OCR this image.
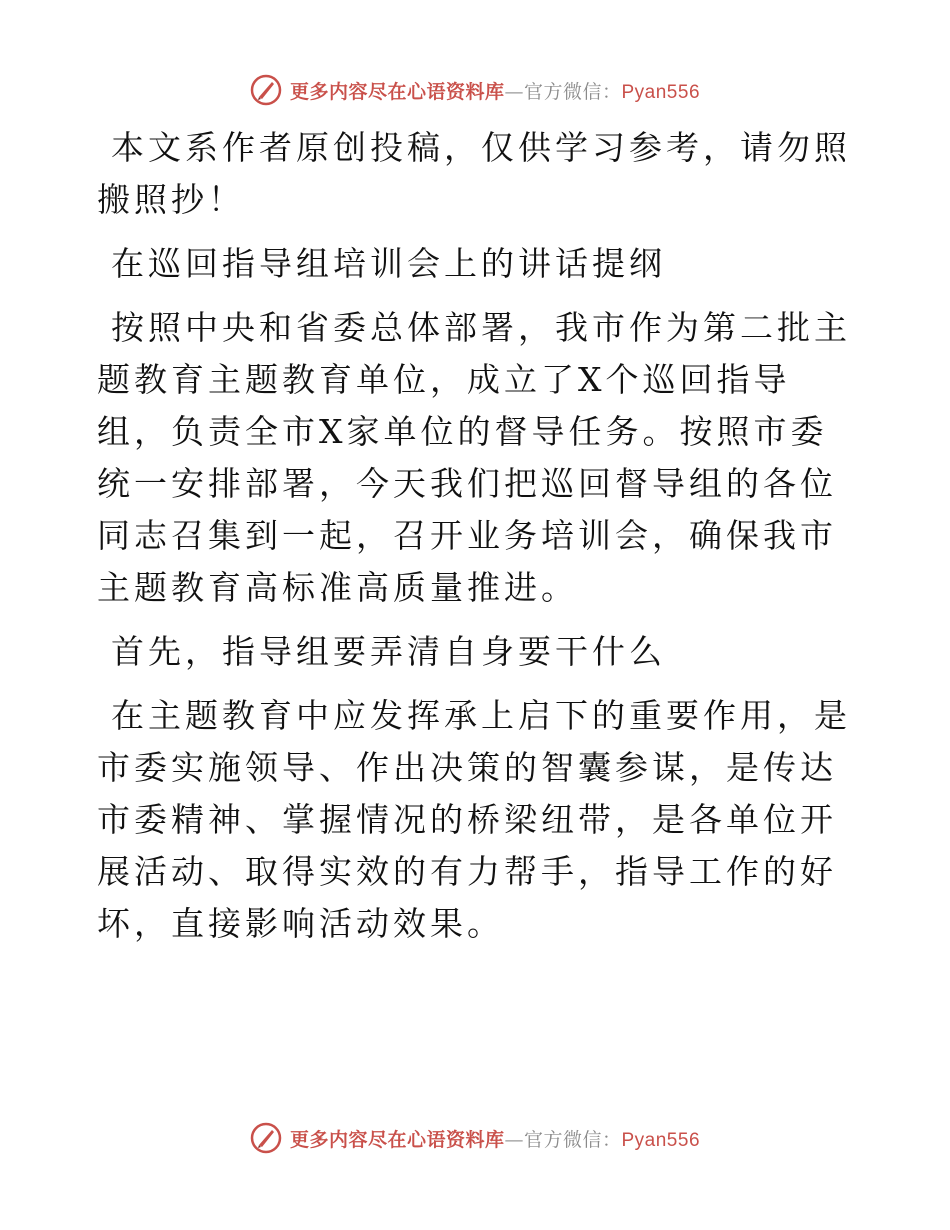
更多内容尽在心语资料库—官方微信：Pyan556

本文系作者原创投稿，仅供学习参考，请勿照搬照抄！

在巡回指导组培训会上的讲话提纲

按照中央和省委总体部署，我市作为第二批主题教育主题教育单位，成立了X个巡回指导组，负责全市X家单位的督导任务。按照市委统一安排部署，今天我们把巡回督导组的各位同志召集到一起，召开业务培训会，确保我市主题教育高标准高质量推进。

首先，指导组要弄清自身要干什么

在主题教育中应发挥承上启下的重要作用，是市委实施领导、作出决策的智囊参谋，是传达市委精神、掌握情况的桥梁纽带，是各单位开展活动、取得实效的有力帮手，指导工作的好坏，直接影响活动效果。

更多内容尽在心语资料库—官方微信：Pyan556
